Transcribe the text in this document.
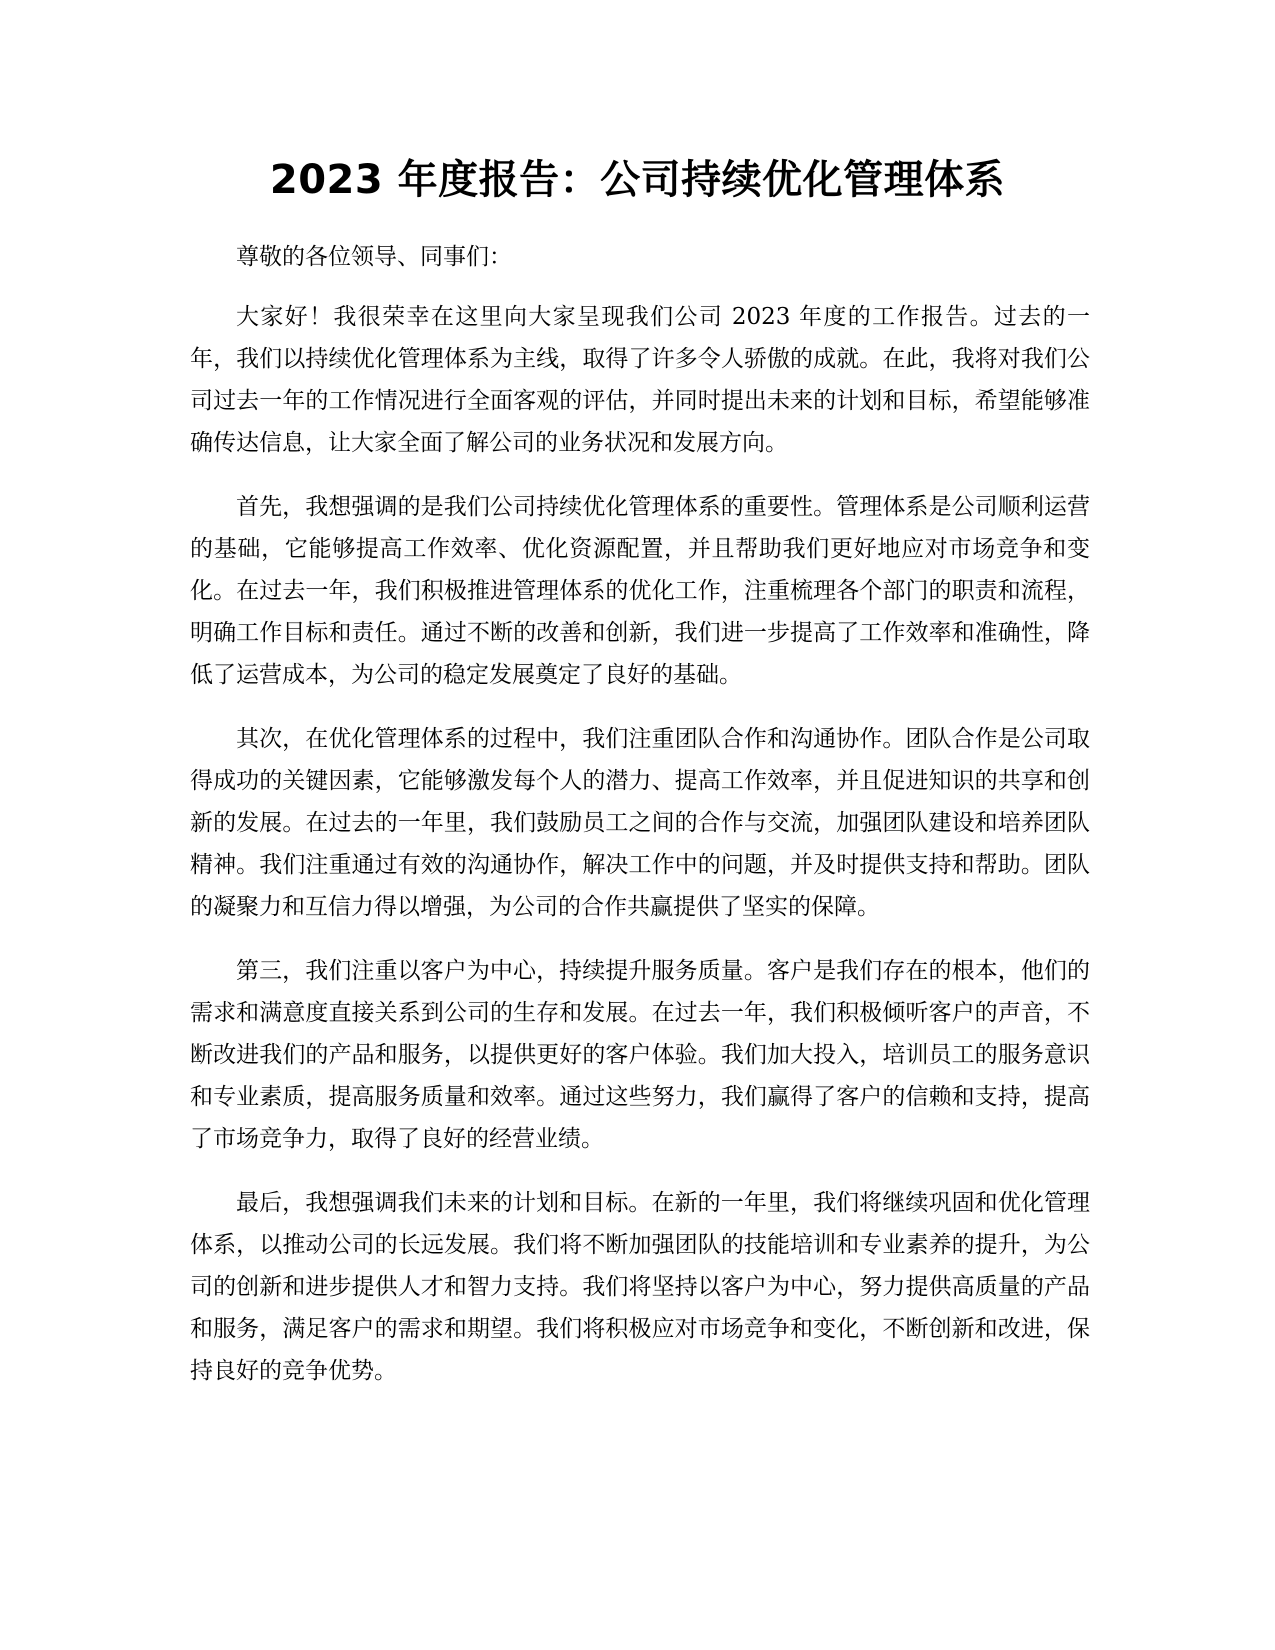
2023 年度报告：公司持续优化管理体系

尊敬的各位领导、同事们：

大家好！我很荣幸在这里向大家呈现我们公司 2023 年度的工作报告。过去的一年，我们以持续优化管理体系为主线，取得了许多令人骄傲的成就。在此，我将对我们公司过去一年的工作情况进行全面客观的评估，并同时提出未来的计划和目标，希望能够准确传达信息，让大家全面了解公司的业务状况和发展方向。

首先，我想强调的是我们公司持续优化管理体系的重要性。管理体系是公司顺利运营的基础，它能够提高工作效率、优化资源配置，并且帮助我们更好地应对市场竞争和变化。在过去一年，我们积极推进管理体系的优化工作，注重梳理各个部门的职责和流程，明确工作目标和责任。通过不断的改善和创新，我们进一步提高了工作效率和准确性，降低了运营成本，为公司的稳定发展奠定了良好的基础。

其次，在优化管理体系的过程中，我们注重团队合作和沟通协作。团队合作是公司取得成功的关键因素，它能够激发每个人的潜力、提高工作效率，并且促进知识的共享和创新的发展。在过去的一年里，我们鼓励员工之间的合作与交流，加强团队建设和培养团队精神。我们注重通过有效的沟通协作，解决工作中的问题，并及时提供支持和帮助。团队的凝聚力和互信力得以增强，为公司的合作共赢提供了坚实的保障。

第三，我们注重以客户为中心，持续提升服务质量。客户是我们存在的根本，他们的需求和满意度直接关系到公司的生存和发展。在过去一年，我们积极倾听客户的声音，不断改进我们的产品和服务，以提供更好的客户体验。我们加大投入，培训员工的服务意识和专业素质，提高服务质量和效率。通过这些努力，我们赢得了客户的信赖和支持，提高了市场竞争力，取得了良好的经营业绩。

最后，我想强调我们未来的计划和目标。在新的一年里，我们将继续巩固和优化管理体系，以推动公司的长远发展。我们将不断加强团队的技能培训和专业素养的提升，为公司的创新和进步提供人才和智力支持。我们将坚持以客户为中心，努力提供高质量的产品和服务，满足客户的需求和期望。我们将积极应对市场竞争和变化，不断创新和改进，保持良好的竞争优势。
